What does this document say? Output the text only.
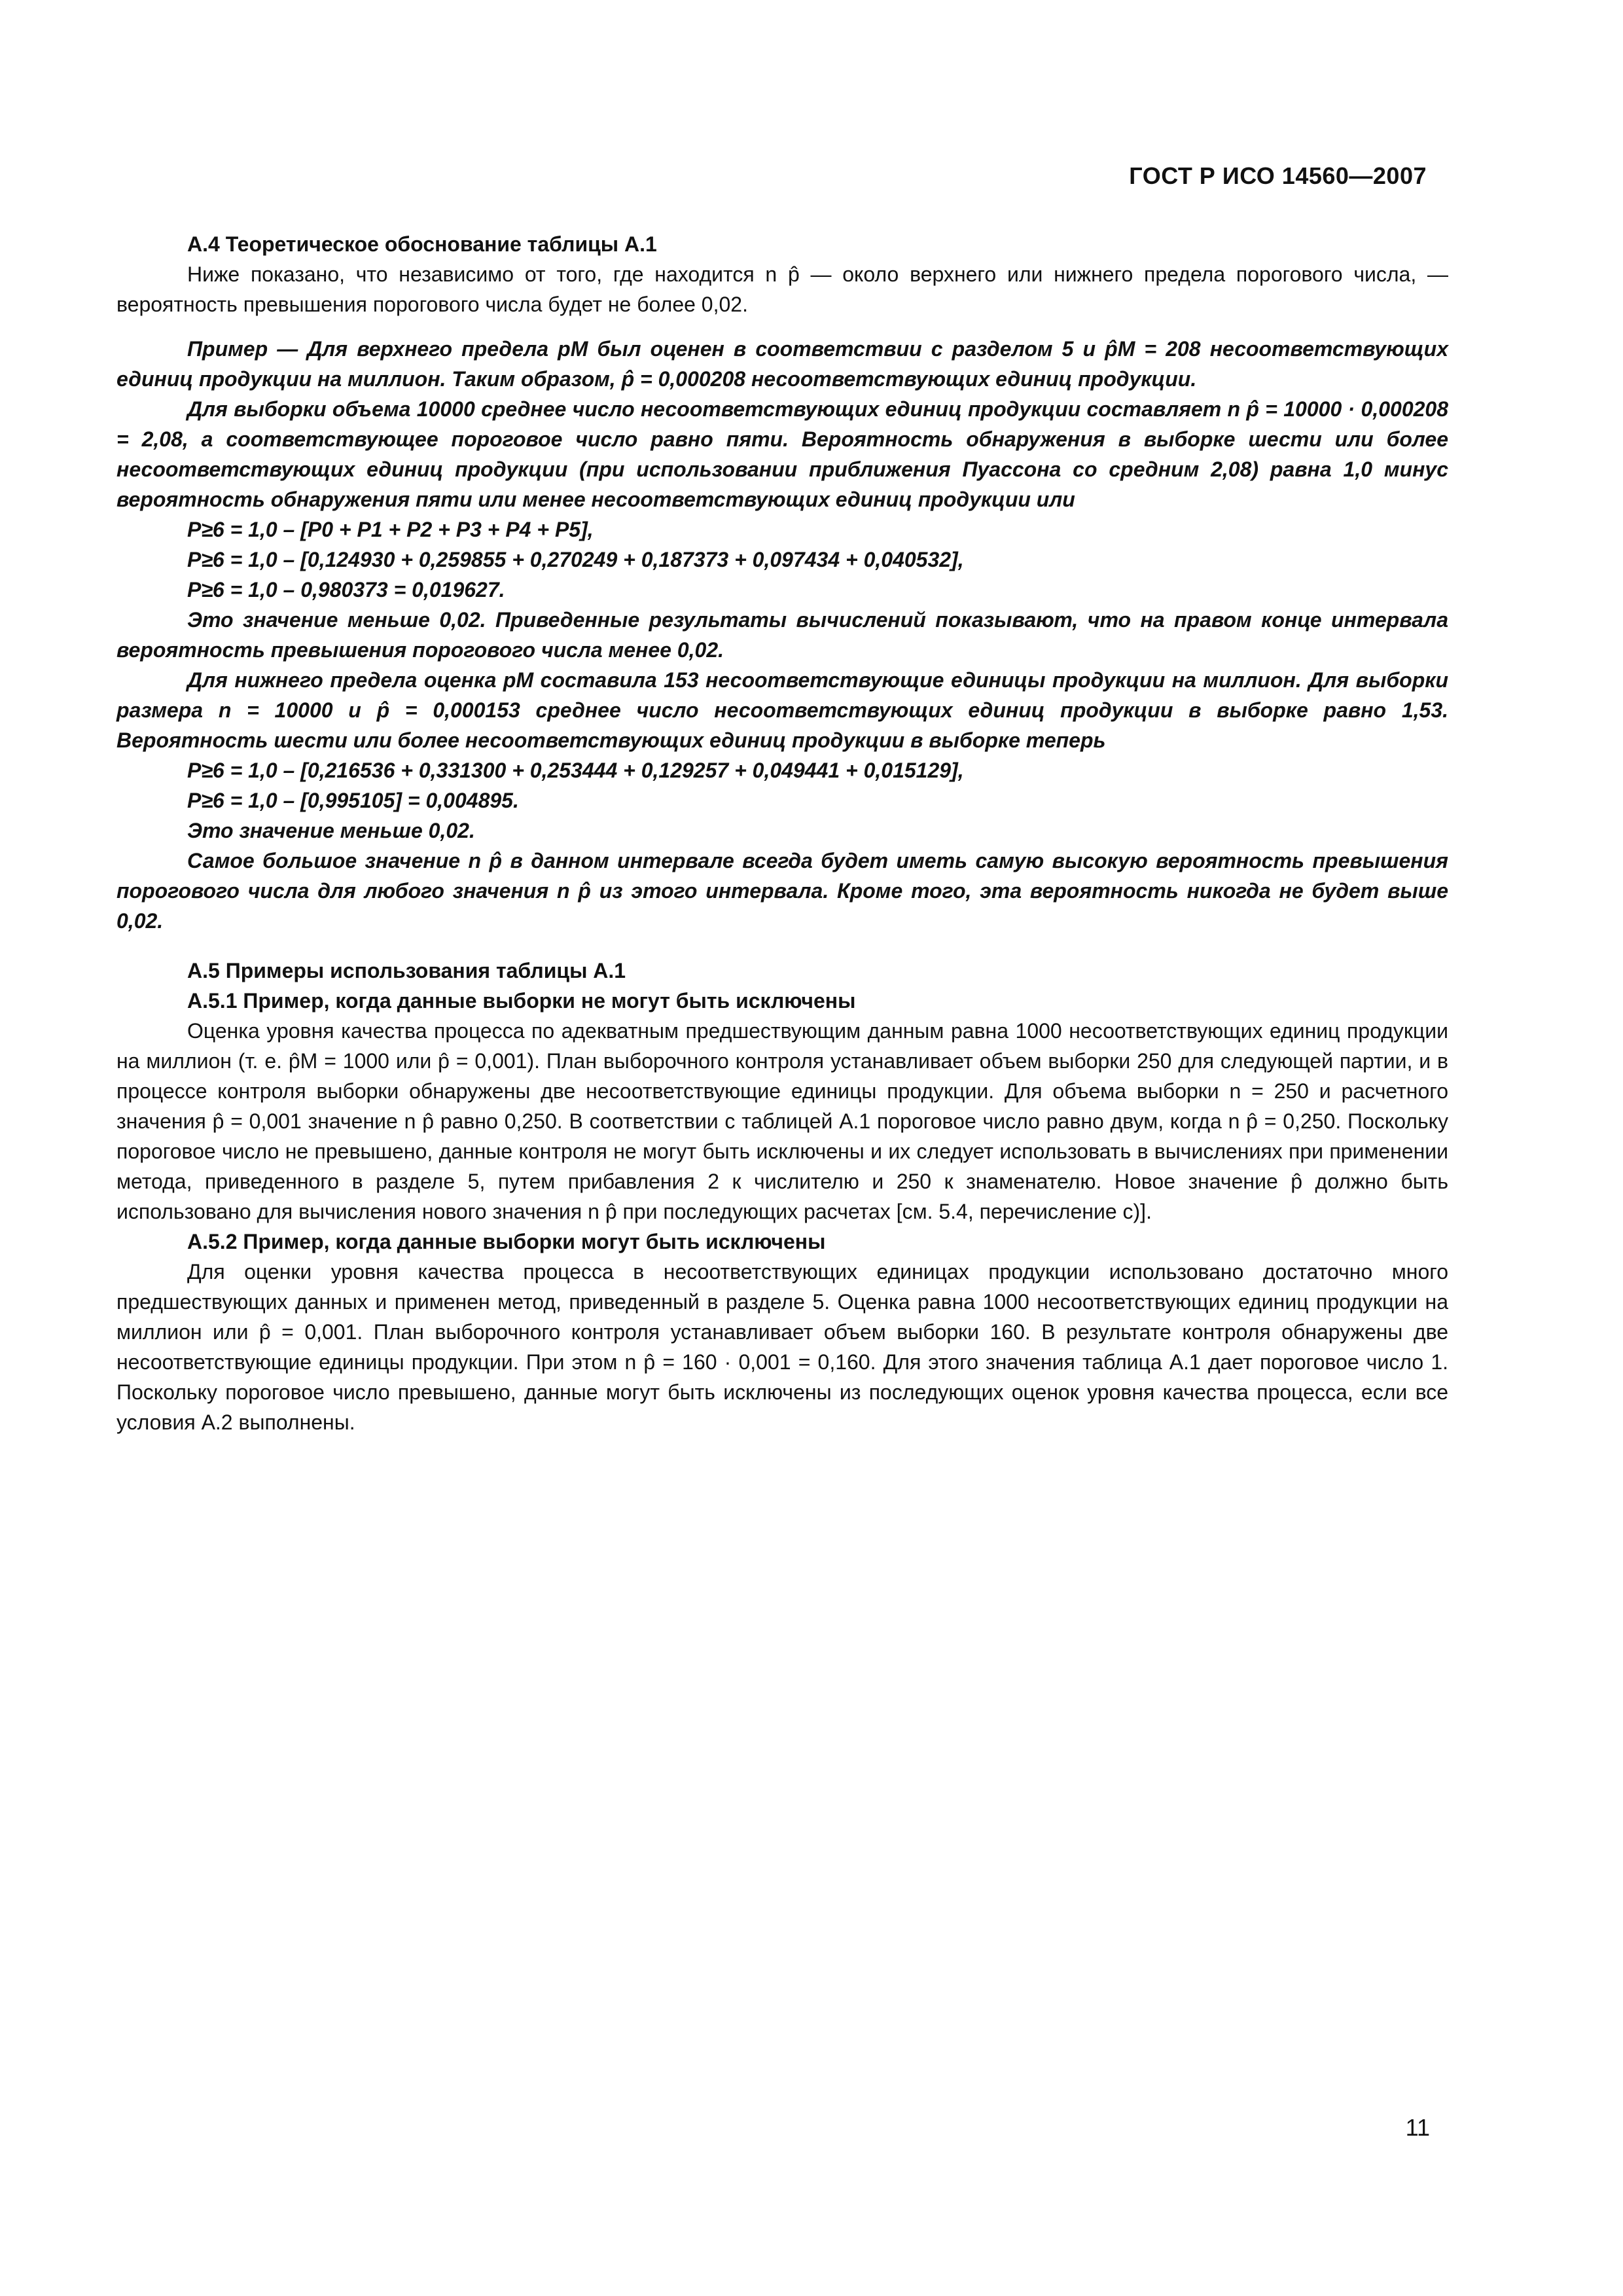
ГОСТ Р ИСО 14560—2007
А.4 Теоретическое обоснование таблицы А.1

Ниже показано, что независимо от того, где находится n p̂ — около верхнего или нижнего предела порогового числа, — вероятность превышения порогового числа будет не более 0,02.

Пример — Для верхнего предела pM был оценен в соответствии с разделом 5 и p̂M = 208 несоответствующих единиц продукции на миллион. Таким образом, p̂ = 0,000208 несоответствующих единиц продукции.

Для выборки объема 10000 среднее число несоответствующих единиц продукции составляет n p̂ = 10000 · 0,000208 = 2,08, а соответствующее пороговое число равно пяти. Вероятность обнаружения в выборке шести или более несоответствующих единиц продукции (при использовании приближения Пуассона со средним 2,08) равна 1,0 минус вероятность обнаружения пяти или менее несоответствующих единиц продукции или

P≥6 = 1,0 – [P0 + P1 + P2 + P3 + P4 + P5],
P≥6 = 1,0 – [0,124930 + 0,259855 + 0,270249 + 0,187373 + 0,097434 + 0,040532],
P≥6 = 1,0 – 0,980373 = 0,019627.

Это значение меньше 0,02. Приведенные результаты вычислений показывают, что на правом конце интервала вероятность превышения порогового числа менее 0,02.

Для нижнего предела оценка pM составила 153 несоответствующие единицы продукции на миллион. Для выборки размера n = 10000 и p̂ = 0,000153 среднее число несоответствующих единиц продукции в выборке равно 1,53. Вероятность шести или более несоответствующих единиц продукции в выборке теперь

P≥6 = 1,0 – [0,216536 + 0,331300 + 0,253444 + 0,129257 + 0,049441 + 0,015129],
P≥6 = 1,0 – [0,995105] = 0,004895.

Это значение меньше 0,02.

Самое большое значение n p̂ в данном интервале всегда будет иметь самую высокую вероятность превышения порогового числа для любого значения n p̂ из этого интервала. Кроме того, эта вероятность никогда не будет выше 0,02.

А.5 Примеры использования таблицы А.1
А.5.1 Пример, когда данные выборки не могут быть исключены

Оценка уровня качества процесса по адекватным предшествующим данным равна 1000 несоответствующих единиц продукции на миллион (т. е. p̂M = 1000 или p̂ = 0,001). План выборочного контроля устанавливает объем выборки 250 для следующей партии, и в процессе контроля выборки обнаружены две несоответствующие единицы продукции. Для объема выборки n = 250 и расчетного значения p̂ = 0,001 значение n p̂ равно 0,250. В соответствии с таблицей А.1 пороговое число равно двум, когда n p̂ = 0,250. Поскольку пороговое число не превышено, данные контроля не могут быть исключены и их следует использовать в вычислениях при применении метода, приведенного в разделе 5, путем прибавления 2 к числителю и 250 к знаменателю. Новое значение p̂ должно быть использовано для вычисления нового значения n p̂ при последующих расчетах [см. 5.4, перечисление с)].

А.5.2 Пример, когда данные выборки могут быть исключены

Для оценки уровня качества процесса в несоответствующих единицах продукции использовано достаточно много предшествующих данных и применен метод, приведенный в разделе 5. Оценка равна 1000 несоответствующих единиц продукции на миллион или p̂ = 0,001. План выборочного контроля устанавливает объем выборки 160. В результате контроля обнаружены две несоответствующие единицы продукции. При этом n p̂ = 160 · 0,001 = 0,160. Для этого значения таблица А.1 дает пороговое число 1. Поскольку пороговое число превышено, данные могут быть исключены из последующих оценок уровня качества процесса, если все условия А.2 выполнены.

11
